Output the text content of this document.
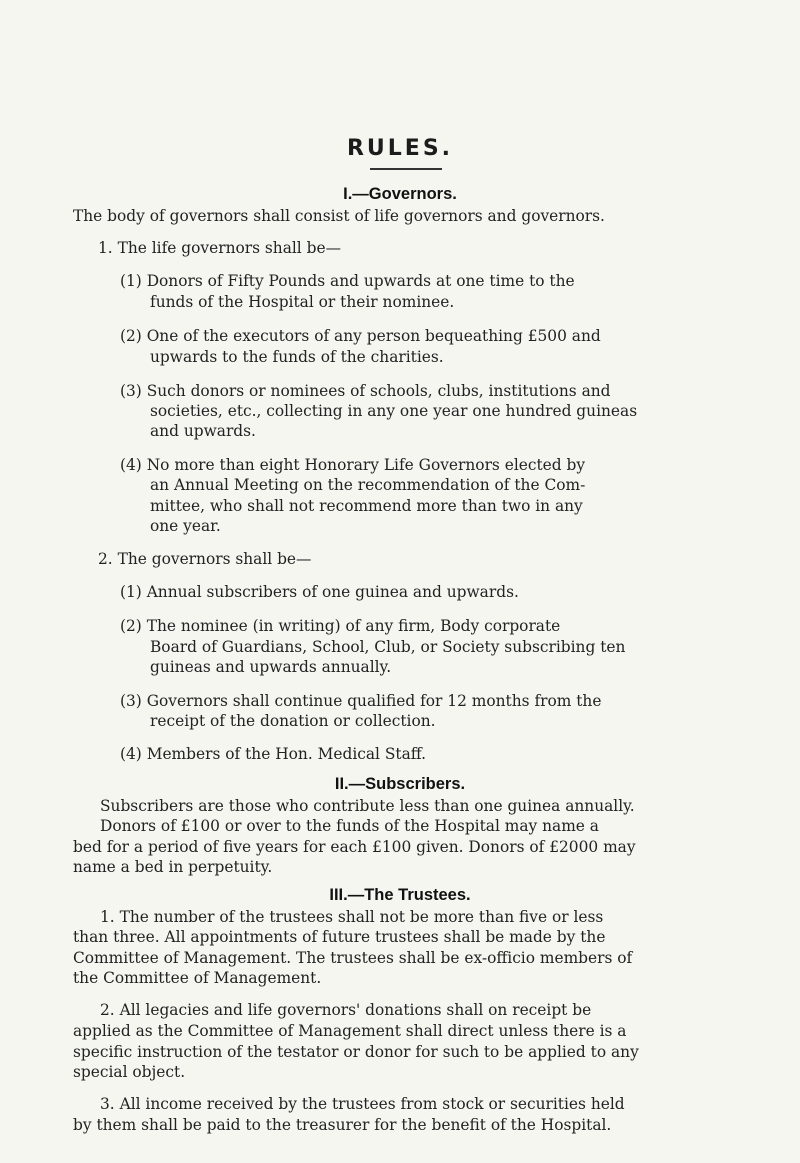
RULES.
I.—Governors.
The body of governors shall consist of life governors and governors.
1. The life governors shall be—
(1) Donors of Fifty Pounds and upwards at one time to the
funds of the Hospital or their nominee.
(2) One of the executors of any person bequeathing £500 and
upwards to the funds of the charities.
(3) Such donors or nominees of schools, clubs, institutions and
societies, etc., collecting in any one year one hundred guineas
and upwards.
(4) No more than eight Honorary Life Governors elected by
an Annual Meeting on the recommendation of the Com-
mittee, who shall not recommend more than two in any
one year.
2. The governors shall be—
(1) Annual subscribers of one guinea and upwards.
(2) The nominee (in writing) of any firm, Body corporate
Board of Guardians, School, Club, or Society subscribing ten
guineas and upwards annually.
(3) Governors shall continue qualified for 12 months from the
receipt of the donation or collection.
(4) Members of the Hon. Medical Staff.
II.—Subscribers.
Subscribers are those who contribute less than one guinea annually.
Donors of £100 or over to the funds of the Hospital may name a
bed for a period of five years for each £100 given. Donors of £2000 may
name a bed in perpetuity.
III.—The Trustees.
1. The number of the trustees shall not be more than five or less
than three. All appointments of future trustees shall be made by the
Committee of Management. The trustees shall be ex-officio members of
the Committee of Management.
2. All legacies and life governors' donations shall on receipt be
applied as the Committee of Management shall direct unless there is a
specific instruction of the testator or donor for such to be applied to any
special object.
3. All income received by the trustees from stock or securities held
by them shall be paid to the treasurer for the benefit of the Hospital.
